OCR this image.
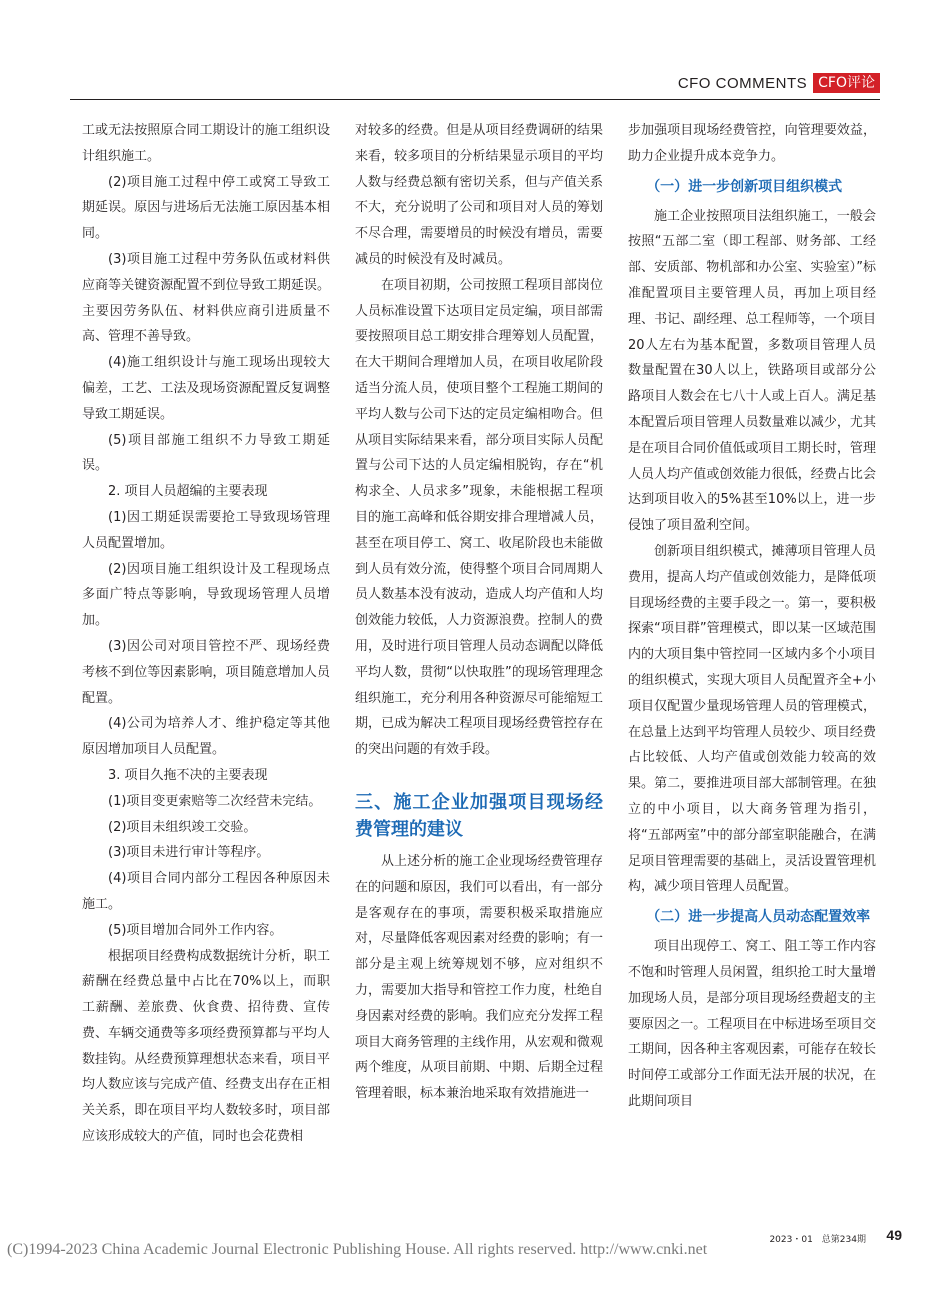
CFO COMMENTS CFO评论

工或无法按照原合同工期设计的施工组织设计组织施工。

(2)项目施工过程中停工或窝工导致工期延误。原因与进场后无法施工原因基本相同。

(3)项目施工过程中劳务队伍或材料供应商等关键资源配置不到位导致工期延误。主要因劳务队伍、材料供应商引进质量不高、管理不善导致。

(4)施工组织设计与施工现场出现较大偏差，工艺、工法及现场资源配置反复调整导致工期延误。

(5)项目部施工组织不力导致工期延误。

2. 项目人员超编的主要表现

(1)因工期延误需要抢工导致现场管理人员配置增加。

(2)因项目施工组织设计及工程现场点多面广特点等影响，导致现场管理人员增加。

(3)因公司对项目管控不严、现场经费考核不到位等因素影响，项目随意增加人员配置。

(4)公司为培养人才、维护稳定等其他原因增加项目人员配置。

3. 项目久拖不决的主要表现

(1)项目变更索赔等二次经营未完结。

(2)项目未组织竣工交验。

(3)项目未进行审计等程序。

(4)项目合同内部分工程因各种原因未施工。

(5)项目增加合同外工作内容。

根据项目经费构成数据统计分析，职工薪酬在经费总量中占比在70%以上，而职工薪酬、差旅费、伙食费、招待费、宣传费、车辆交通费等多项经费预算都与平均人数挂钩。从经费预算理想状态来看，项目平均人数应该与完成产值、经费支出存在正相关关系，即在项目平均人数较多时，项目部应该形成较大的产值，同时也会花费相

对较多的经费。但是从项目经费调研的结果来看，较多项目的分析结果显示项目的平均人数与经费总额有密切关系，但与产值关系不大，充分说明了公司和项目对人员的筹划不尽合理，需要增员的时候没有增员，需要减员的时候没有及时减员。

在项目初期，公司按照工程项目部岗位人员标准设置下达项目定员定编，项目部需要按照项目总工期安排合理筹划人员配置，在大干期间合理增加人员，在项目收尾阶段适当分流人员，使项目整个工程施工期间的平均人数与公司下达的定员定编相吻合。但从项目实际结果来看，部分项目实际人员配置与公司下达的人员定编相脱钩，存在“机构求全、人员求多”现象，未能根据工程项目的施工高峰和低谷期安排合理增减人员，甚至在项目停工、窝工、收尾阶段也未能做到人员有效分流，使得整个项目合同周期人员人数基本没有波动，造成人均产值和人均创效能力较低，人力资源浪费。控制人的费用，及时进行项目管理人员动态调配以降低平均人数，贯彻“以快取胜”的现场管理理念组织施工，充分利用各种资源尽可能缩短工期，已成为解决工程项目现场经费管控存在的突出问题的有效手段。

三、施工企业加强项目现场经费管理的建议

从上述分析的施工企业现场经费管理存在的问题和原因，我们可以看出，有一部分是客观存在的事项，需要积极采取措施应对，尽量降低客观因素对经费的影响；有一部分是主观上统筹规划不够，应对组织不力，需要加大指导和管控工作力度，杜绝自身因素对经费的影响。我们应充分发挥工程项目大商务管理的主线作用，从宏观和微观两个维度，从项目前期、中期、后期全过程管理着眼，标本兼治地采取有效措施进一

步加强项目现场经费管控，向管理要效益，助力企业提升成本竞争力。

（一）进一步创新项目组织模式

施工企业按照项目法组织施工，一般会按照“五部二室（即工程部、财务部、工经部、安质部、物机部和办公室、实验室）”标准配置项目主要管理人员，再加上项目经理、书记、副经理、总工程师等，一个项目20人左右为基本配置，多数项目管理人员数量配置在30人以上，铁路项目或部分公路项目人数会在七八十人或上百人。满足基本配置后项目管理人员数量难以减少，尤其是在项目合同价值低或项目工期长时，管理人员人均产值或创效能力很低，经费占比会达到项目收入的5%甚至10%以上，进一步侵蚀了项目盈利空间。

创新项目组织模式，摊薄项目管理人员费用，提高人均产值或创效能力，是降低项目现场经费的主要手段之一。第一，要积极探索“项目群”管理模式，即以某一区域范围内的大项目集中管控同一区域内多个小项目的组织模式，实现大项目人员配置齐全+小项目仅配置少量现场管理人员的管理模式，在总量上达到平均管理人员较少、项目经费占比较低、人均产值或创效能力较高的效果。第二，要推进项目部大部制管理。在独立的中小项目，以大商务管理为指引，将“五部两室”中的部分部室职能融合，在满足项目管理需要的基础上，灵活设置管理机构，减少项目管理人员配置。

（二）进一步提高人员动态配置效率

项目出现停工、窝工、阻工等工作内容不饱和时管理人员闲置，组织抢工时大量增加现场人员，是部分项目现场经费超支的主要原因之一。工程项目在中标进场至项目交工期间，因各种主客观因素，可能存在较长时间停工或部分工作面无法开展的状况，在此期间项目

2023・01　总第234期 49
(C)1994-2023 China Academic Journal Electronic Publishing House. All rights reserved. http://www.cnki.net
